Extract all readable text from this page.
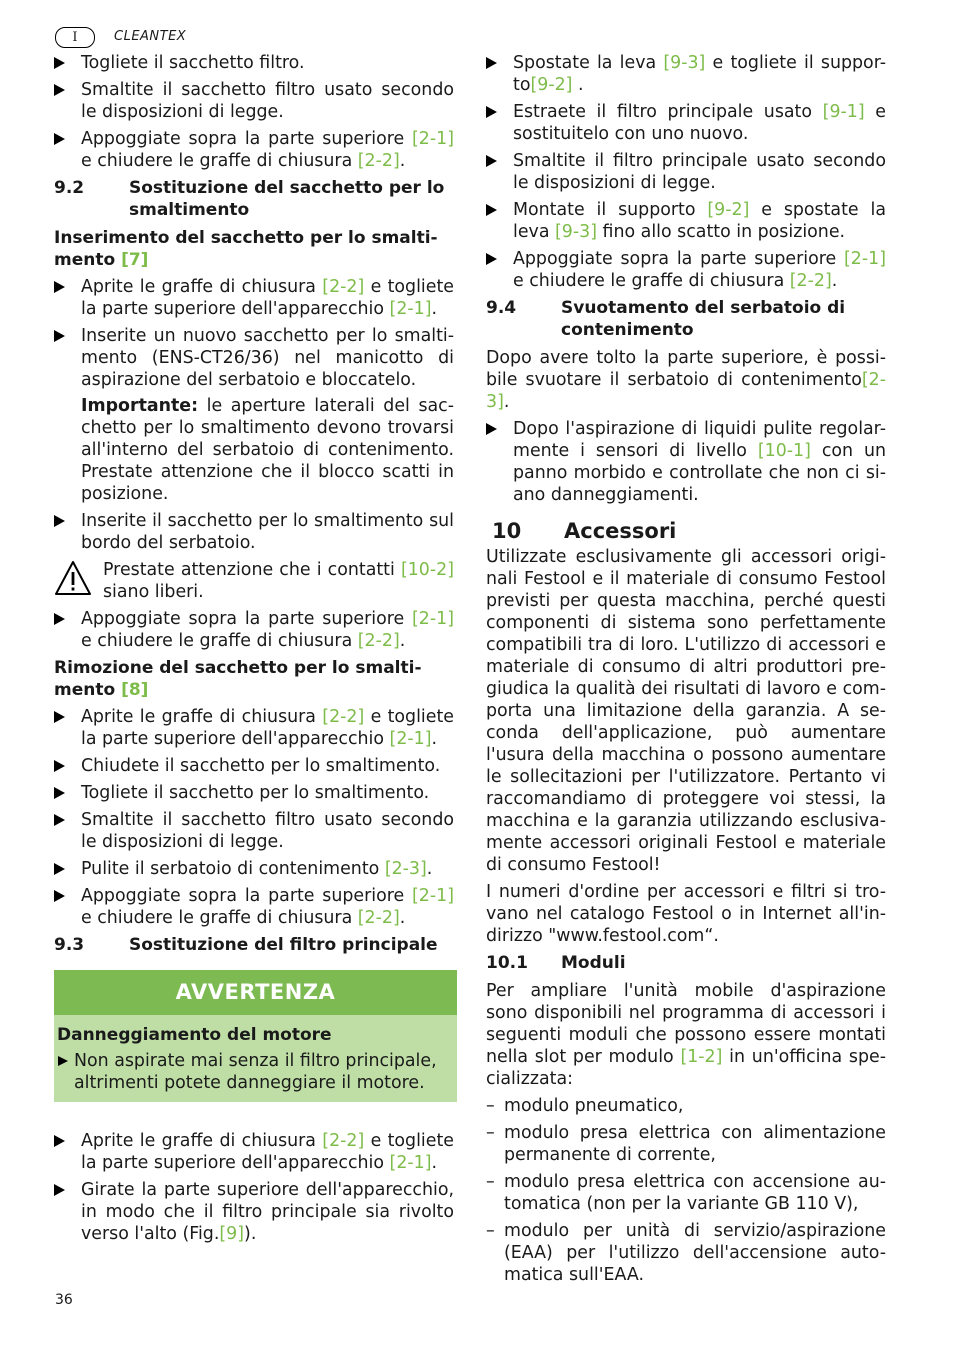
I	CLEANTEX
Togliete il sacchetto filtro.
Smaltite il sacchetto filtro usato secondo le disposizioni di legge.
Appoggiate sopra la parte superiore [2-1] e chiudere le graffe di chiusura [2-2].
9.2	Sostituzione del sacchetto per lo smaltimento
Inserimento del sacchetto per lo smalti-mento [7]
Aprite le graffe di chiusura [2-2] e togliete la parte superiore dell'apparecchio [2-1].
Inserite un nuovo sacchetto per lo smalti-mento (ENS-CT26/36) nel manicotto di aspirazione del serbatoio e bloccatelo.

Importante: le aperture laterali del sac-chetto per lo smaltimento devono trovarsi all'interno del serbatoio di contenimento. Prestate attenzione che il blocco scatti in posizione.

Inserite il sacchetto per lo smaltimento sul bordo del serbatoio.
Prestate attenzione che i contatti [10-2] siano liberi.
Appoggiate sopra la parte superiore [2-1] e chiudere le graffe di chiusura [2-2].
Rimozione del sacchetto per lo smalti-mento [8]
Aprite le graffe di chiusura [2-2] e togliete la parte superiore dell'apparecchio [2-1].
Chiudete il sacchetto per lo smaltimento.
Togliete il sacchetto per lo smaltimento.
Smaltite il sacchetto filtro usato secondo le disposizioni di legge.
Pulite il serbatoio di contenimento [2-3].
Appoggiate sopra la parte superiore [2-1] e chiudere le graffe di chiusura [2-2].
9.3	Sostituzione del filtro principale
AVVERTENZA
Danneggiamento del motore
Non aspirate mai senza il filtro principale, altrimenti potete danneggiare il motore.
Aprite le graffe di chiusura [2-2] e togliete la parte superiore dell'apparecchio [2-1].
Girate la parte superiore dell'apparecchio, in modo che il filtro principale sia rivolto verso l'alto (Fig.[9]).
Spostate la leva [9-3] e togliete il suppor-to[9-2] .
Estraete il filtro principale usato [9-1] e sostituitelo con uno nuovo.
Smaltite il filtro principale usato secondo le disposizioni di legge.
Montate il supporto [9-2] e spostate la leva [9-3] fino allo scatto in posizione.
Appoggiate sopra la parte superiore [2-1] e chiudere le graffe di chiusura [2-2].
9.4	Svuotamento del serbatoio di contenimento

Dopo avere tolto la parte superiore, è possi-bile svuotare il serbatoio di contenimento[2-3].

Dopo l'aspirazione di liquidi pulite regolar-mente i sensori di livello [10-1] con un panno morbido e controllate che non ci si-ano danneggiamenti.
10	Accessori

Utilizzate esclusivamente gli accessori origi-nali Festool e il materiale di consumo Festool previsti per questa macchina, perché questi componenti di sistema sono perfettamente compatibili tra di loro. L'utilizzo di accessori e materiale di consumo di altri produttori pre-giudica la qualità dei risultati di lavoro e com-porta una limitazione della garanzia. A se-conda dell'applicazione, può aumentare l'usura della macchina o possono aumentare le sollecitazioni per l'utilizzatore. Pertanto vi raccomandiamo di proteggere voi stessi, la macchina e la garanzia utilizzando esclusiva-mente accessori originali Festool e materiale di consumo Festool!

I numeri d'ordine per accessori e filtri si tro-vano nel catalogo Festool o in Internet all'in-dirizzo "www.festool.com“.

10.1	Moduli

Per ampliare l'unità mobile d'aspirazione sono disponibili nel programma di accessori i seguenti moduli che possono essere montati nella slot per modulo [1-2] in un'officina spe-cializzata:

– modulo pneumatico,
– modulo presa elettrica con alimentazione permanente di corrente,
– modulo presa elettrica con accensione au-tomatica (non per la variante GB 110 V),
– modulo per unità di servizio/aspirazione (EAA) per l'utilizzo dell'accensione auto-matica sull'EAA.
36
